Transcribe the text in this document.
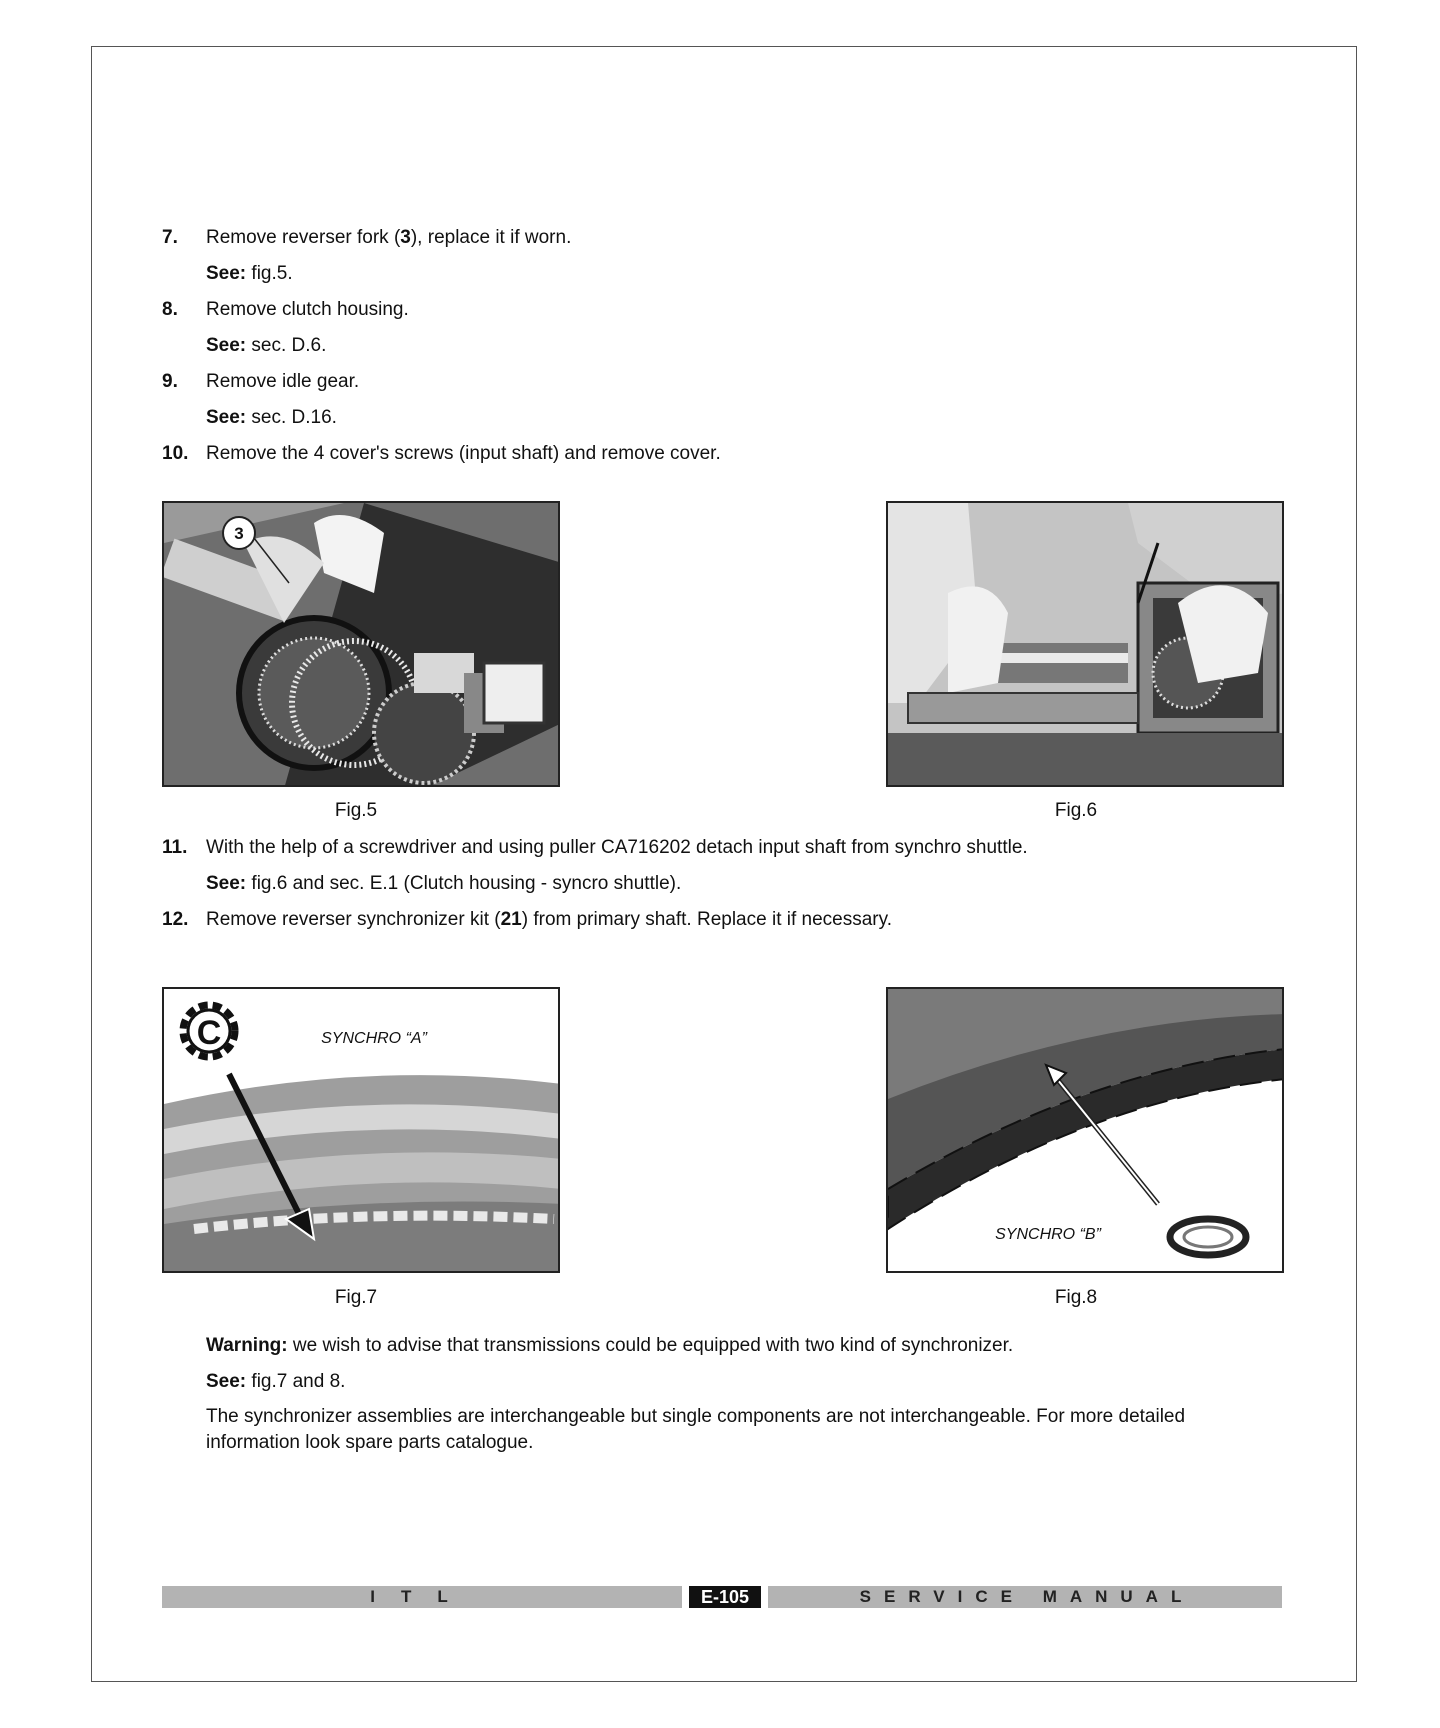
7. Remove reverser fork (3), replace it if worn.
See: fig.5.
8. Remove clutch housing.
See: sec. D.6.
9. Remove idle gear.
See: sec. D.16.
10. Remove the 4 cover's screws (input shaft) and remove cover.
3
Fig.5	Fig.6
11. With the help of a screwdriver and using puller CA716202 detach input shaft from synchro shuttle.
See: fig.6 and sec. E.1 (Clutch housing - syncro shuttle).
12. Remove reverser synchronizer kit (21) from primary shaft. Replace it if necessary.
C	SYNCHRO “A”
Fig.7
SYNCHRO “B”
Fig.8
Warning: we wish to advise that transmissions could be equipped with two kind of synchronizer.
See: fig.7 and 8.
The synchronizer assemblies are interchangeable but single components are not interchangeable. For more detailed information look spare parts catalogue.
ITL	E-105	SERVICE MANUAL
